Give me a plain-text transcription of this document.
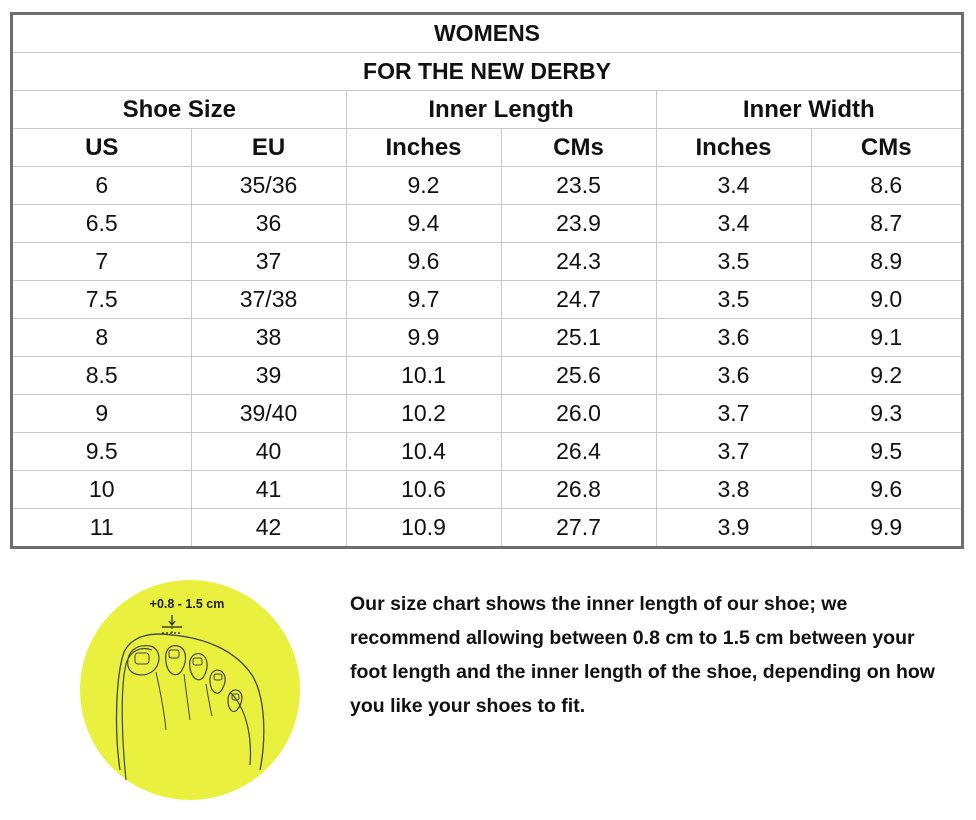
WOMENS					
FOR THE NEW DERBY					
Shoe Size		Inner Length		Inner Width	
US	EU	Inches	CMs	Inches	CMs
6	35/36	9.2	23.5	3.4	8.6
6.5	36	9.4	23.9	3.4	8.7
7	37	9.6	24.3	3.5	8.9
7.5	37/38	9.7	24.7	3.5	9.0
8	38	9.9	25.1	3.6	9.1
8.5	39	10.1	25.6	3.6	9.2
9	39/40	10.2	26.0	3.7	9.3
9.5	40	10.4	26.4	3.7	9.5
10	41	10.6	26.8	3.8	9.6
11	42	10.9	27.7	3.9	9.9
+0.8 - 1.5 cm	Our size chart shows the inner length of our shoe; we recommend allowing between 0.8 cm to 1.5 cm between your foot length and the inner length of the shoe, depending on how you like your shoes to fit.
